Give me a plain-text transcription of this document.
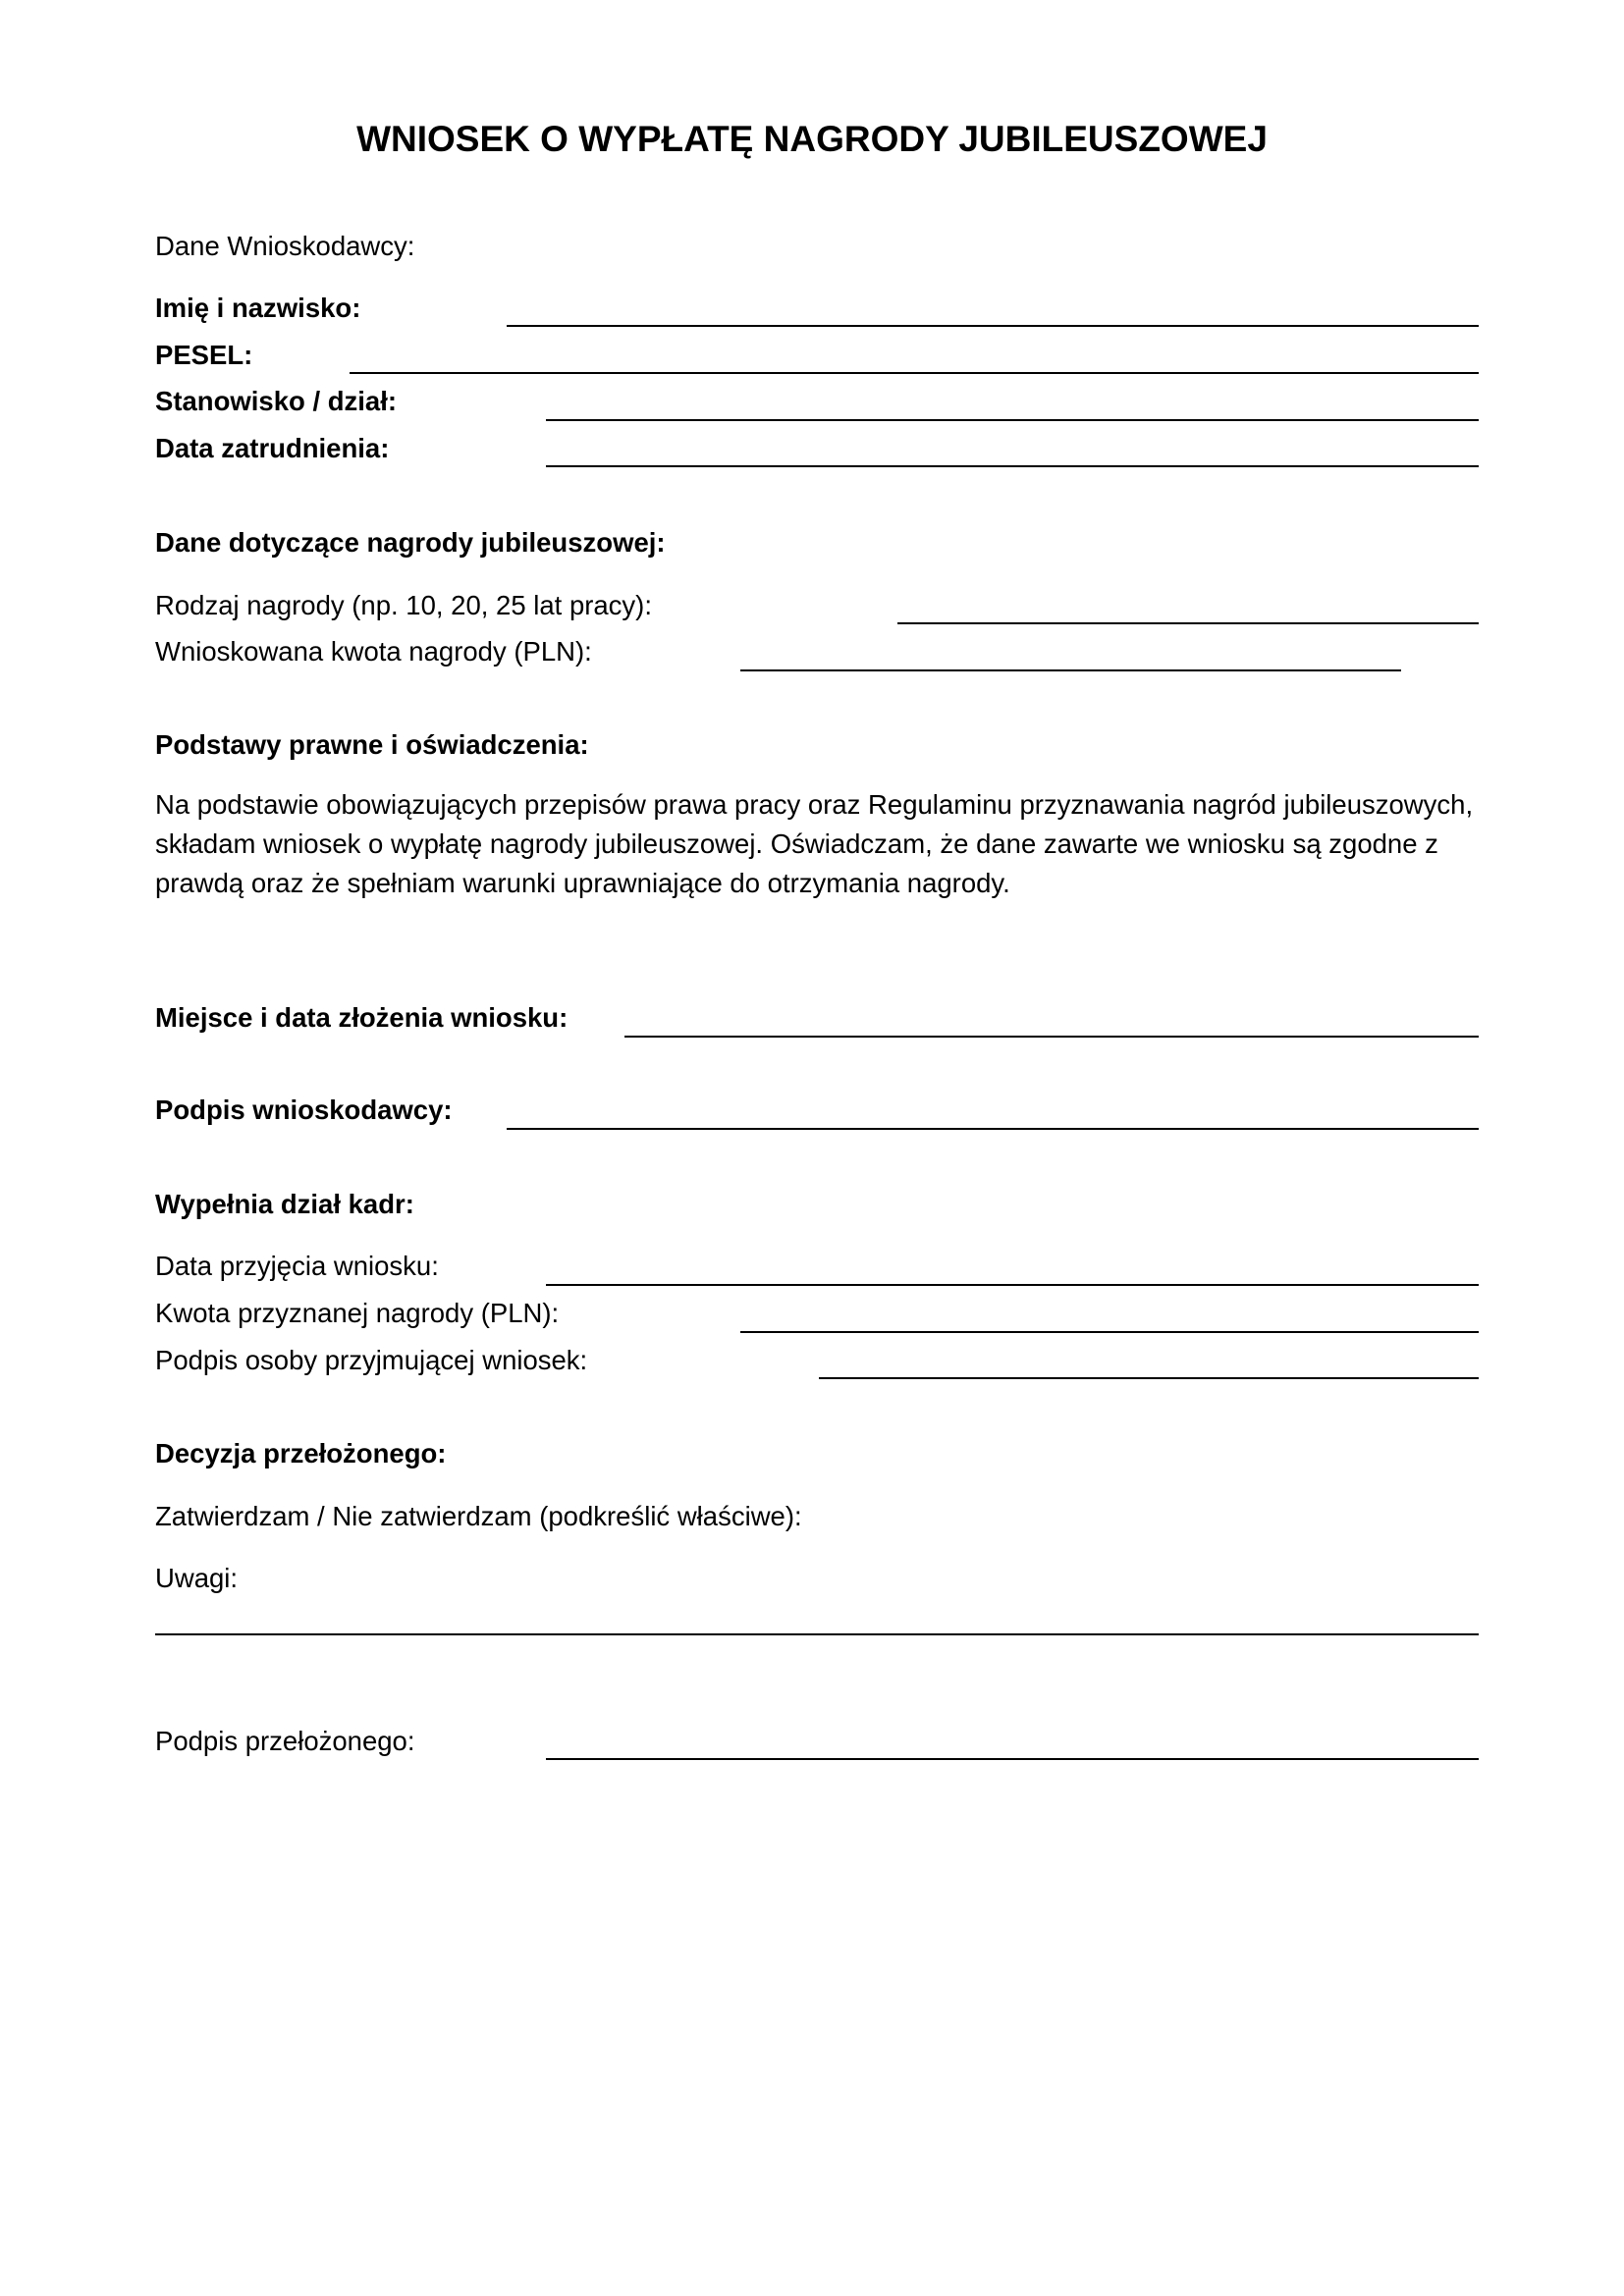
WNIOSEK O WYPŁATĘ NAGRODY JUBILEUSZOWEJ
Dane Wnioskodawcy:
Imię i nazwisko:
PESEL:
Stanowisko / dział:
Data zatrudnienia:
Dane dotyczące nagrody jubileuszowej:
Rodzaj nagrody (np. 10, 20, 25 lat pracy):
Wnioskowana kwota nagrody (PLN):
Podstawy prawne i oświadczenia:
Na podstawie obowiązujących przepisów prawa pracy oraz Regulaminu przyznawania nagród jubileuszowych, składam wniosek o wypłatę nagrody jubileuszowej. Oświadczam, że dane zawarte we wniosku są zgodne z prawdą oraz że spełniam warunki uprawniające do otrzymania nagrody.
Miejsce i data złożenia wniosku:
Podpis wnioskodawcy:
Wypełnia dział kadr:
Data przyjęcia wniosku:
Kwota przyznanej nagrody (PLN):
Podpis osoby przyjmującej wniosek:
Decyzja przełożonego:
Zatwierdzam / Nie zatwierdzam (podkreślić właściwe):
Uwagi:
Podpis przełożonego:
